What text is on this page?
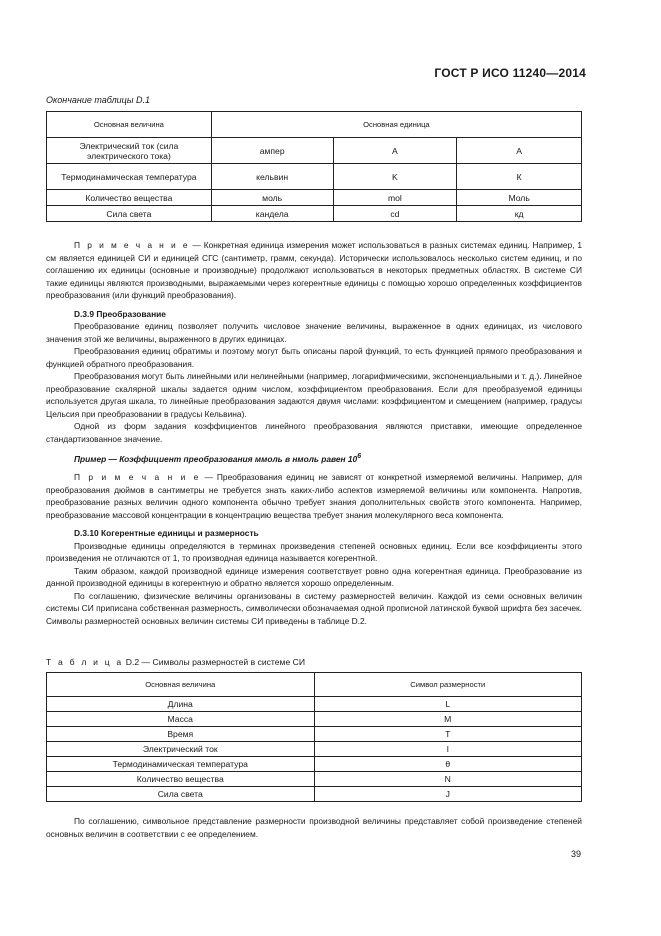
ГОСТ Р ИСО 11240—2014
Окончание таблицы D.1
Основная величина	Основная единица		
Электрический ток (сила электрического тока)	ампер	A	А
Термодинамическая температура	кельвин	K	К
Количество вещества	моль	mol	Моль
Сила света	кандела	cd	кд

П р и м е ч а н и е — Конкретная единица измерения может использоваться в разных системах единиц. Например, 1 см является единицей СИ и единицей СГС (сантиметр, грамм, секунда). Исторически использовалось несколько систем единиц, и по соглашению их единицы (основные и производные) продолжают использоваться в некоторых предметных областях. В системе СИ такие единицы являются производными, выражаемыми через когерентные единицы с помощью хорошо определенных коэффициентов преобразования (или функций преобразования).

D.3.9 Преобразование

Преобразование единиц позволяет получить числовое значение величины, выраженное в одних единицах, из числового значения этой же величины, выраженного в других единицах.

Преобразования единиц обратимы и поэтому могут быть описаны парой функций, то есть функцией прямого преобразования и функцией обратного преобразования.

Преобразования могут быть линейными или нелинейными (например, логарифмическими, экспоненциальными и т. д.). Линейное преобразование скалярной шкалы задается одним числом, коэффициентом преобразования. Если для преобразуемой единицы используется другая шкала, то линейные преобразования задаются двумя числами: коэффициентом и смещением (например, градусы Цельсия при преобразовании в градусы Кельвина).

Одной из форм задания коэффициентов линейного преобразования являются приставки, имеющие определенное стандартизованное значение.

Пример — Коэффициент преобразования ммоль в нмоль равен $10^6$

П р и м е ч а н и е — Преобразования единиц не зависят от конкретной измеряемой величины. Например, для преобразования дюймов в сантиметры не требуется знать каких-либо аспектов измеряемой величины или компонента. Напротив, преобразование разных величин одного компонента обычно требует знания дополнительных свойств этого компонента. Например, преобразование массовой концентрации в концентрацию вещества требует знания молекулярного веса компонента.

D.3.10 Когерентные единицы и размерность

Производные единицы определяются в терминах произведения степеней основных единиц. Если все коэффициенты этого произведения не отличаются от 1, то производная единица называется когерентной.

Таким образом, каждой производной единице измерения соответствует ровно одна когерентная единица. Преобразование из данной производной единицы в когерентную и обратно является хорошо определенным.

По соглашению, физические величины организованы в систему размерностей величин. Каждой из семи основных величин системы СИ приписана собственная размерность, символически обозначаемая одной прописной латинской буквой шрифта без засечек. Символы размерностей основных величин системы СИ приведены в таблице D.2.

Т а б л и ц а D.2 — Символы размерностей в системе СИ
Основная величина	Символ размерности
Длина	L
Масса	M
Время	T
Электрический ток	I
Термодинамическая температура	θ
Количество вещества	N
Сила света	J

По соглашению, символьное представление размерности производной величины представляет собой произведение степеней основных величин в соответствии с ее определением.

39
